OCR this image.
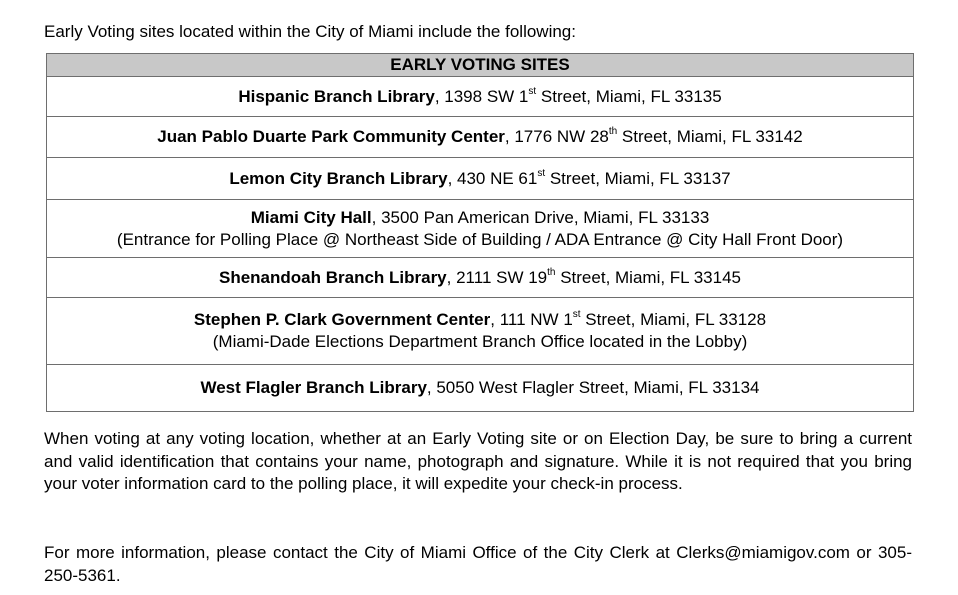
Early Voting sites located within the City of Miami include the following:

EARLY VOTING SITES
Hispanic Branch Library, 1398 SW 1st Street, Miami, FL 33135
Juan Pablo Duarte Park Community Center, 1776 NW 28th Street, Miami, FL 33142
Lemon City Branch Library, 430 NE 61st Street, Miami, FL 33137

Miami City Hall, 3500 Pan American Drive, Miami, FL 33133
(Entrance for Polling Place @ Northeast Side of Building / ADA Entrance @ City Hall Front Door)

Shenandoah Branch Library, 2111 SW 19th Street, Miami, FL 33145

Stephen P. Clark Government Center, 111 NW 1st Street, Miami, FL 33128
(Miami-Dade Elections Department Branch Office located in the Lobby)

West Flagler Branch Library, 5050 West Flagler Street, Miami, FL 33134

When voting at any voting location, whether at an Early Voting site or on Election Day, be sure to bring a current and valid identification that contains your name, photograph and signature. While it is not required that you bring your voter information card to the polling place, it will expedite your check-in process.

For more information, please contact the City of Miami Office of the City Clerk at Clerks@miamigov.com or 305-250-5361.
